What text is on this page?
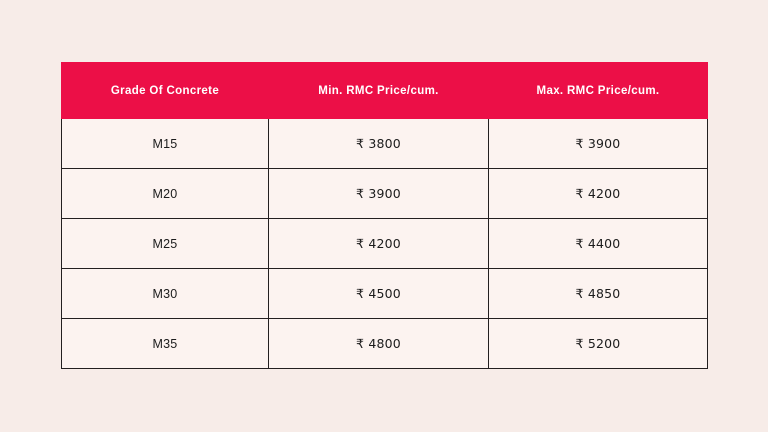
Grade Of Concrete	Min. RMC Price/cum.	Max. RMC Price/cum.
M15	₹ 3800	₹ 3900
M20	₹ 3900	₹ 4200
M25	₹ 4200	₹ 4400
M30	₹ 4500	₹ 4850
M35	₹ 4800	₹ 5200
